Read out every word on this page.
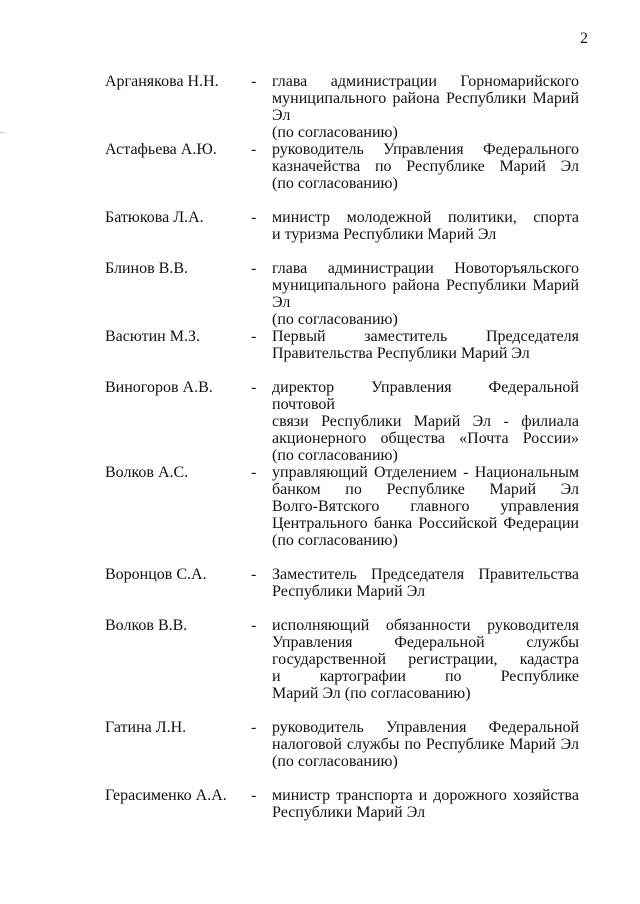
2
Арганякова Н.Н.	- глава администрации Горномарийского
муниципального района Республики Марий Эл
(по согласованию)
Астафьева А.Ю.	- руководитель Управления Федерального
казначейства по Республике Марий Эл
(по согласованию)
Батюкова Л.А.	- министр молодежной политики, спорта
и туризма Республики Марий Эл
Блинов В.В.	- глава администрации Новоторъяльского
муниципального района Республики Марий Эл
(по согласованию)
Васютин М.З.	- Первый заместитель Председателя
Правительства Республики Марий Эл
Виногоров А.В.	- директор Управления Федеральной почтовой
связи Республики Марий Эл - филиала
акционерного общества «Почта России»
(по согласованию)
Волков А.С.	- управляющий Отделением - Национальным
банком по Республике Марий Эл
Волго-Вятского главного управления
Центрального банка Российской Федерации
(по согласованию)
Воронцов С.А.	- Заместитель Председателя Правительства
Республики Марий Эл
Волков В.В.	- исполняющий обязанности руководителя
Управления Федеральной службы
государственной регистрации, кадастра
и картографии по Республике
Марий Эл (по согласованию)
Гатина Л.Н.	- руководитель Управления Федеральной
налоговой службы по Республике Марий Эл
(по согласованию)
Герасименко А.А.	- министр транспорта и дорожного хозяйства
Республики Марий Эл
